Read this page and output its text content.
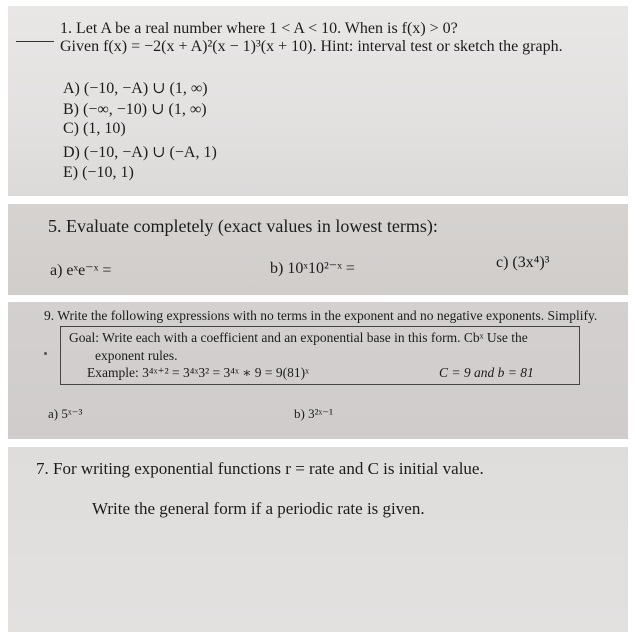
1. Let A be a real number where 1 < A < 10. When is f(x) > 0?
Given f(x) = −2(x + A)²(x − 1)³(x + 10). Hint: interval test or sketch the graph.
A) (−10, −A) ∪ (1, ∞)
B) (−∞, −10) ∪ (1, ∞)
C) (1, 10)
D) (−10, −A) ∪ (−A, 1)
E) (−10, 1)
5. Evaluate completely (exact values in lowest terms):
a) eˣe⁻ˣ =	b) 10ˣ10²⁻ˣ =	c) (3x⁴)³
9. Write the following expressions with no terms in the exponent and no negative exponents. Simplify.
Goal: Write each with a coefficient and an exponential base in this form. Cbˣ Use the
exponent rules.
Example: 3⁴ˣ⁺² = 3⁴ˣ3² = 3⁴ˣ ∗ 9 = 9(81)ˣ	C = 9 and b = 81
a) 5ˣ⁻³	b) 3²ˣ⁻¹
7. For writing exponential functions r = rate and C is initial value.
Write the general form if a periodic rate is given.
